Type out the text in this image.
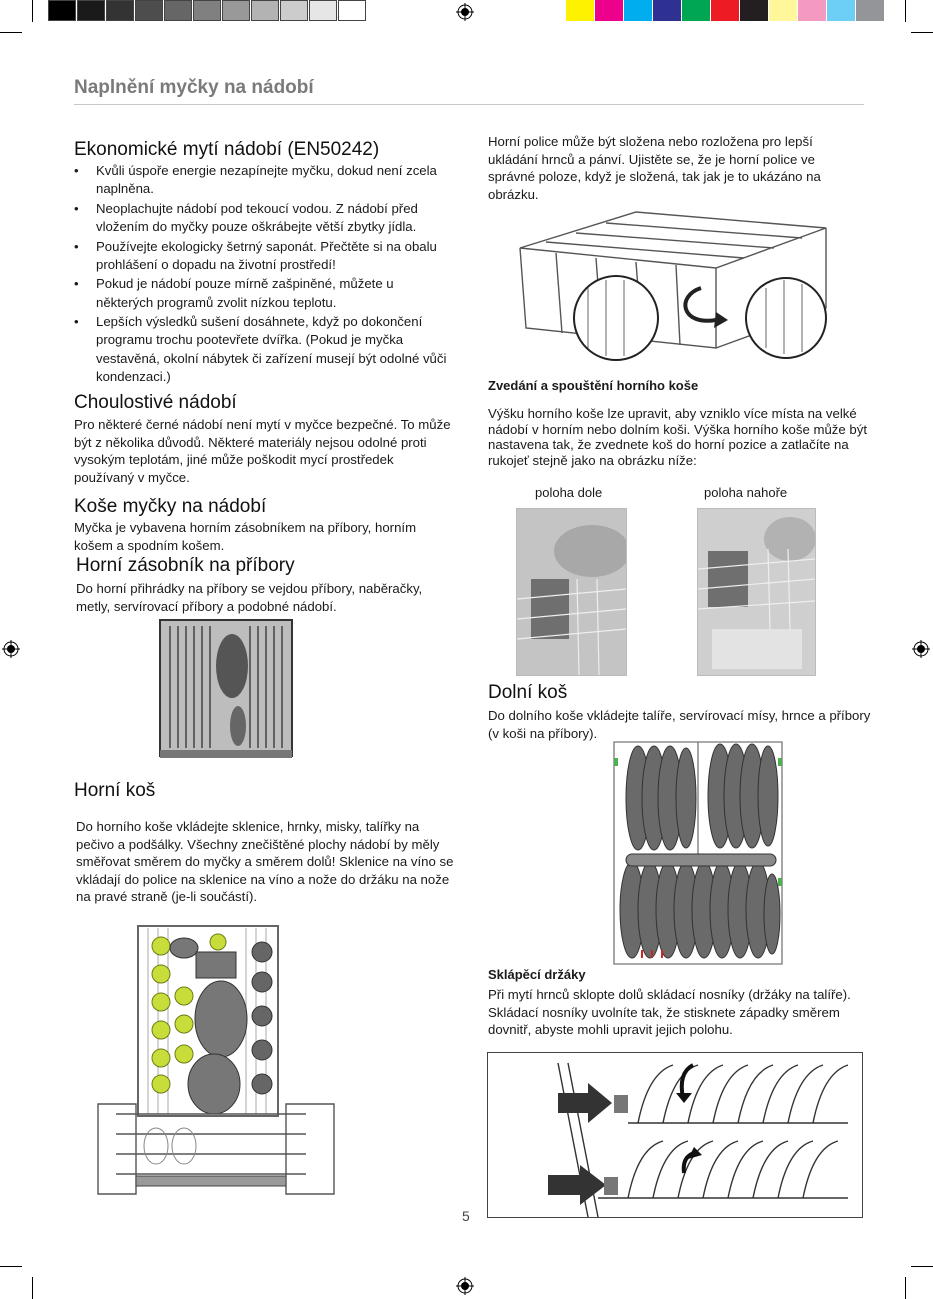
Naplnění myčky na nádobí
Ekonomické mytí nádobí (EN50242)
• Kvůli úspoře energie nezapínejte myčku, dokud není zcela naplněna.
• Neoplachujte nádobí pod tekoucí vodou. Z nádobí před vložením do myčky pouze oškrábejte větší zbytky jídla.
• Používejte ekologicky šetrný saponát. Přečtěte si na obalu prohlášení o dopadu na životní prostředí!
• Pokud je nádobí pouze mírně zašpiněné, můžete u některých programů zvolit nízkou teplotu.
• Lepších výsledků sušení dosáhnete, když po dokončení programu trochu pootevřete dvířka. (Pokud je myčka vestavěná, okolní nábytek či zařízení musejí být odolné vůči kondenzaci.)
Choulostivé nádobí

Pro některé černé nádobí není mytí v myčce bezpečné. To může být z několika důvodů. Některé materiály nejsou odolné proti vysokým teplotám, jiné může poškodit mycí prostředek používaný v myčce.

Koše myčky na nádobí

Myčka je vybavena horním zásobníkem na příbory, horním košem a spodním košem.

Horní zásobník na příbory

Do horní přihrádky na příbory se vejdou příbory, naběračky, metly, servírovací příbory a podobné nádobí.

Horní koš

Do horního koše vkládejte sklenice, hrnky, misky, talířky na pečivo a podšálky. Všechny znečištěné plochy nádobí by měly směřovat směrem do myčky a směrem dolů! Sklenice na víno se vkládají do police na sklenice na víno a nože do držáku na nože na pravé straně (je-li součástí).

Horní police může být složena nebo rozložena pro lepší ukládání hrnců a pánví. Ujistěte se, že je horní police ve správné poloze, když je složená, tak jak je to ukázáno na obrázku.

Zvedání a spouštění horního koše

Výšku horního koše lze upravit, aby vzniklo více místa na velké nádobí v horním nebo dolním koši. Výška horního koše může být nastavena tak, že zvednete koš do horní pozice a zatlačíte na rukojeť stejně jako na obrázku níže:

poloha dole	poloha nahoře
Dolní koš

Do dolního koše vkládejte talíře, servírovací mísy, hrnce a příbory (v koši na příbory).

Sklápěcí držáky

Při mytí hrnců sklopte dolů skládací nosníky (držáky na talíře). Skládací nosníky uvolníte tak, že stisknete západky směrem dovnitř, abyste mohli upravit jejich polohu.

5
